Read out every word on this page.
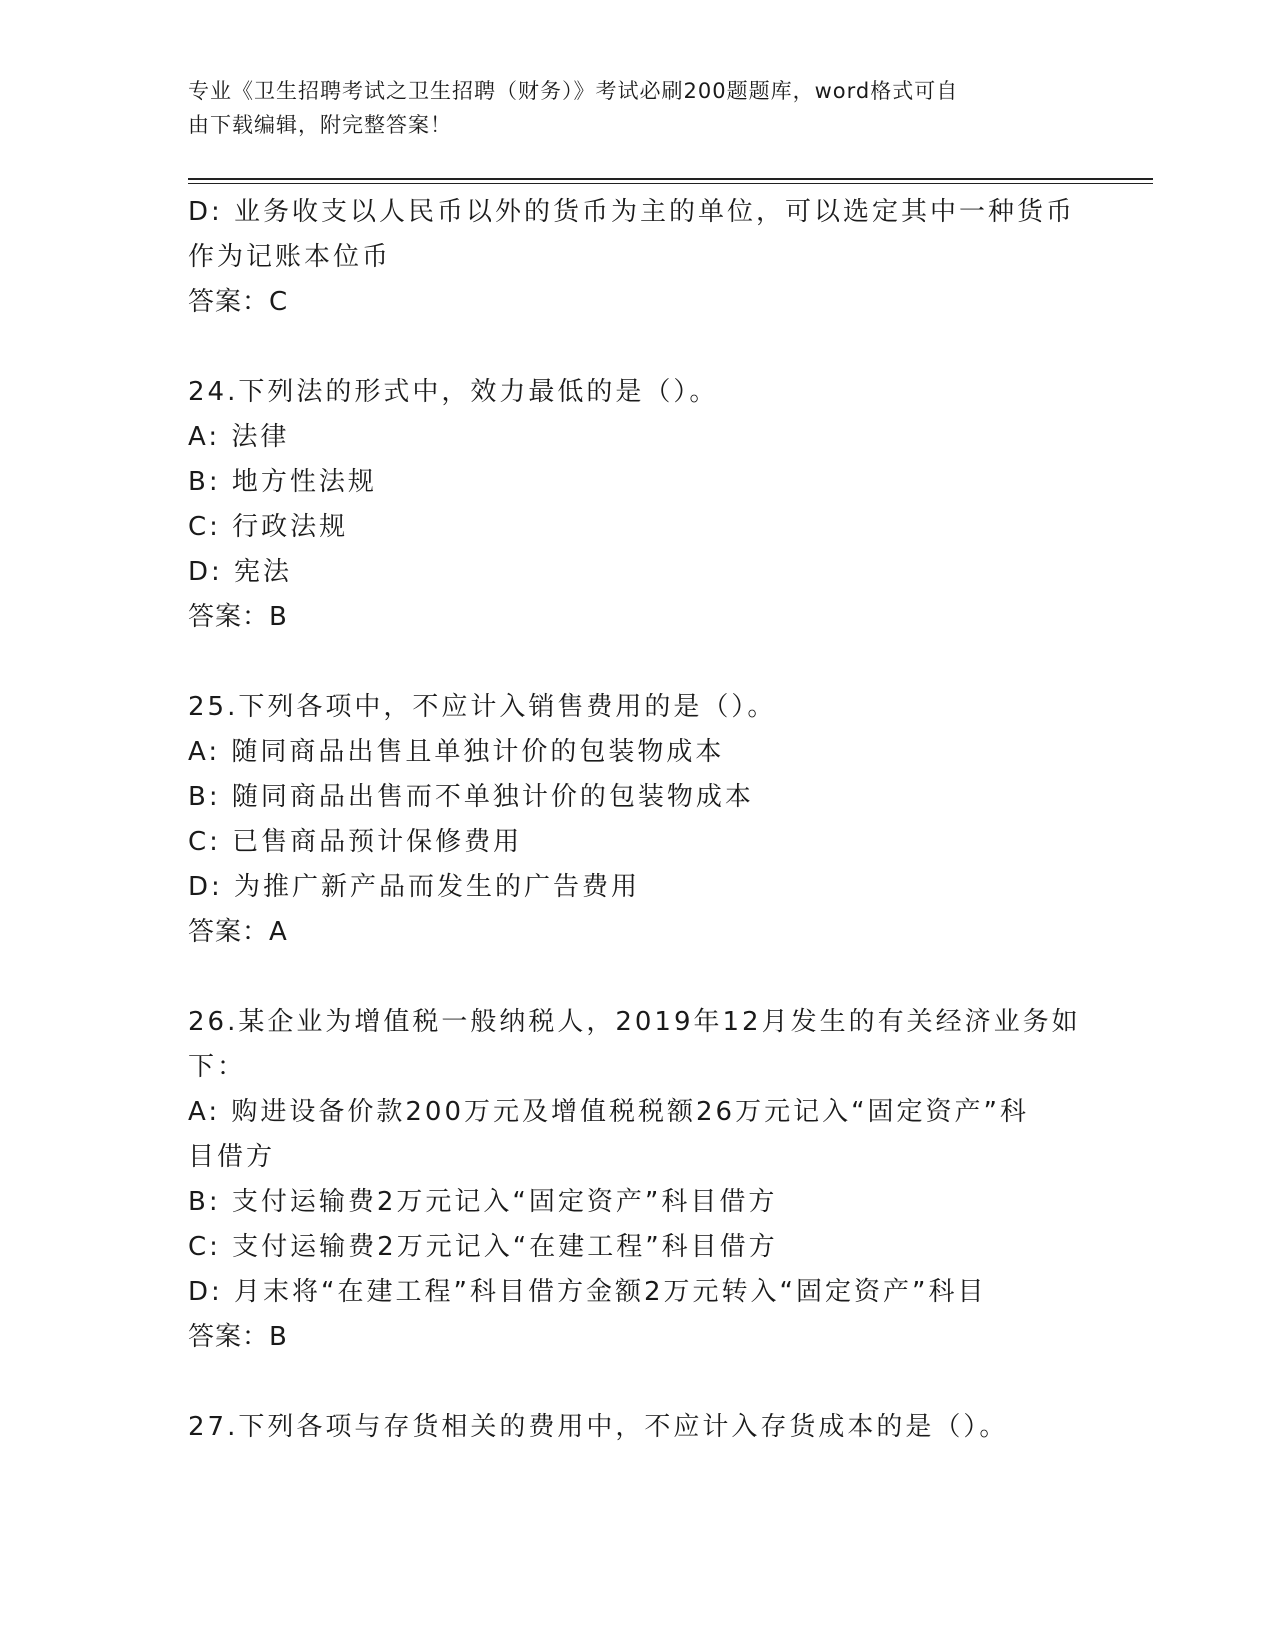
专业《卫生招聘考试之卫生招聘（财务）》考试必刷200题题库，word格式可自
由下载编辑，附完整答案！
D: 业务收支以人民币以外的货币为主的单位，可以选定其中一种货币
作为记账本位币
答案：C
24.下列法的形式中，效力最低的是（）。
A: 法律
B: 地方性法规
C: 行政法规
D: 宪法
答案：B
25.下列各项中，不应计入销售费用的是（）。
A: 随同商品出售且单独计价的包装物成本
B: 随同商品出售而不单独计价的包装物成本
C: 已售商品预计保修费用
D: 为推广新产品而发生的广告费用
答案：A
26.某企业为增值税一般纳税人，2019年12月发生的有关经济业务如
下：
A: 购进设备价款200万元及增值税税额26万元记入“固定资产”科
目借方
B: 支付运输费2万元记入“固定资产”科目借方
C: 支付运输费2万元记入“在建工程”科目借方
D: 月末将“在建工程”科目借方金额2万元转入“固定资产”科目
答案：B
27.下列各项与存货相关的费用中，不应计入存货成本的是（）。
